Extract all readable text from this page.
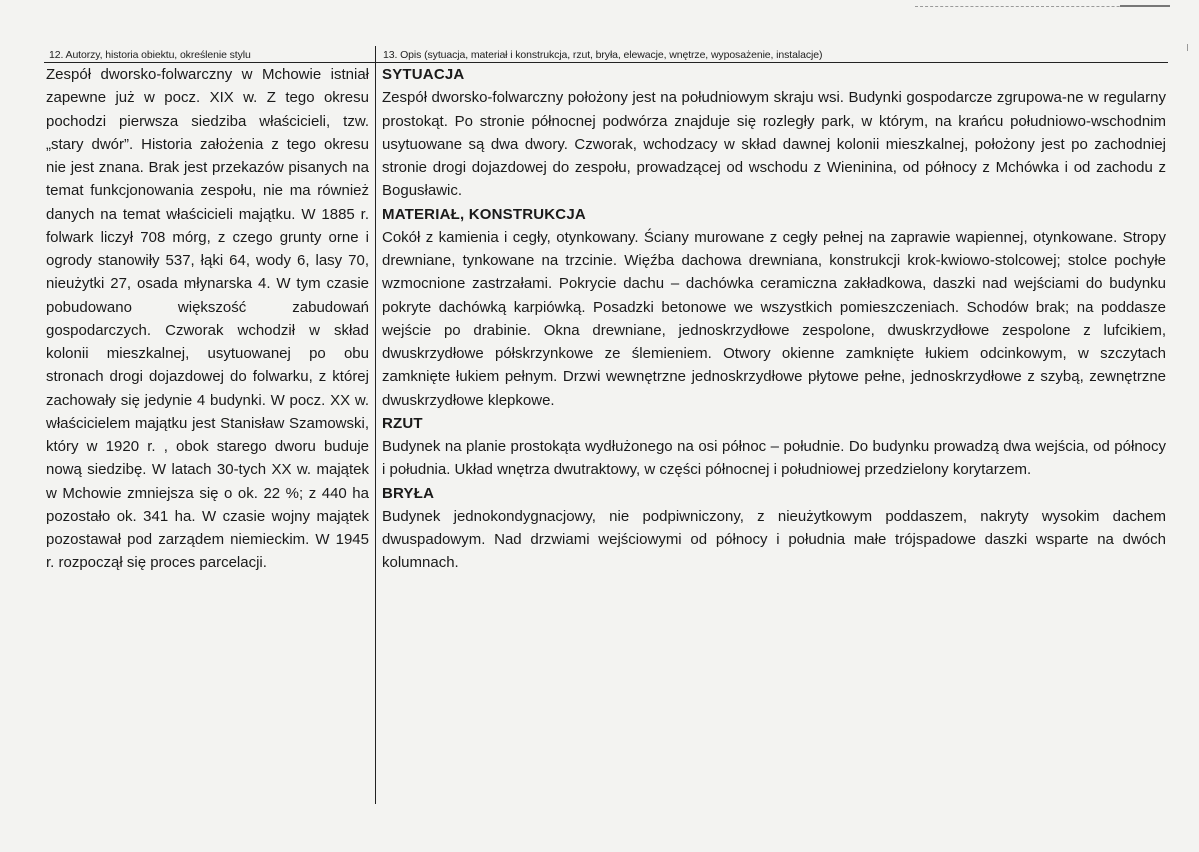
12. Autorzy, historia obiektu, określenie stylu	13. Opis (sytuacja, materiał i konstrukcja, rzut, bryła, elewacje, wnętrze, wyposażenie, instalacje)

Zespół dworsko-folwarczny w Mchowie istniał zapewne już w pocz. XIX w. Z tego okresu pochodzi pierwsza siedziba właścicieli, tzw. „stary dwór”. Historia założenia z tego okresu nie jest znana. Brak jest przekazów pisanych na temat funkcjonowania zespołu, nie ma również danych na temat właścicieli majątku. W 1885 r. folwark liczył 708 mórg, z czego grunty orne i ogrody stanowiły 537, łąki 64, wody 6, lasy 70, nieużytki 27, osada młynarska 4. W tym czasie pobudowano większość zabudowań gospodarczych. Czworak wchodził w skład kolonii mieszkalnej, usytuowanej po obu stronach drogi dojazdowej do folwarku, z której zachowały się jedynie 4 budynki. W pocz. XX w. właścicielem majątku jest Stanisław Szamowski, który w 1920 r. , obok starego dworu buduje nową siedzibę. W latach 30-tych XX w. majątek w Mchowie zmniejsza się o ok. 22 %; z 440 ha pozostało ok. 341 ha. W czasie wojny majątek pozostawał pod zarządem niemieckim. W 1945 r. rozpoczął się proces parcelacji.

SYTUACJA

Zespół dworsko-folwarczny położony jest na południowym skraju wsi. Budynki gospodarcze zgrupowa-ne w regularny prostokąt. Po stronie północnej podwórza znajduje się rozległy park, w którym, na krańcu południowo-wschodnim usytuowane są dwa dwory. Czworak, wchodzacy w skład dawnej kolonii mieszkalnej, położony jest po zachodniej stronie drogi dojazdowej do zespołu, prowadzącej od wschodu z Wieninina, od północy z Mchówka i od zachodu z Bogusławic.

MATERIAŁ, KONSTRUKCJA

Cokół z kamienia i cegły, otynkowany. Ściany murowane z cegły pełnej na zaprawie wapiennej, otynkowane. Stropy drewniane, tynkowane na trzcinie. Więźba dachowa drewniana, konstrukcji krok-kwiowo-stolcowej; stolce pochyłe wzmocnione zastrzałami. Pokrycie dachu – dachówka ceramiczna zakładkowa, daszki nad wejściami do budynku pokryte dachówką karpiówką. Posadzki betonowe we wszystkich pomieszczeniach. Schodów brak; na poddasze wejście po drabinie. Okna drewniane, jednoskrzydłowe zespolone, dwuskrzydłowe zespolone z lufcikiem, dwuskrzydłowe półskrzynkowe ze ślemieniem. Otwory okienne zamknięte łukiem odcinkowym, w szczytach zamknięte łukiem pełnym. Drzwi wewnętrzne jednoskrzydłowe płytowe pełne, jednoskrzydłowe z szybą, zewnętrzne dwuskrzydłowe klepkowe.

RZUT

Budynek na planie prostokąta wydłużonego na osi północ – południe. Do budynku prowadzą dwa wejścia, od północy i południa. Układ wnętrza dwutraktowy, w części północnej i południowej przedzielony korytarzem.

BRYŁA

Budynek jednokondygnacjowy, nie podpiwniczony, z nieużytkowym poddaszem, nakryty wysokim dachem dwuspadowym. Nad drzwiami wejściowymi od północy i południa małe trójspadowe daszki wsparte na dwóch kolumnach.
